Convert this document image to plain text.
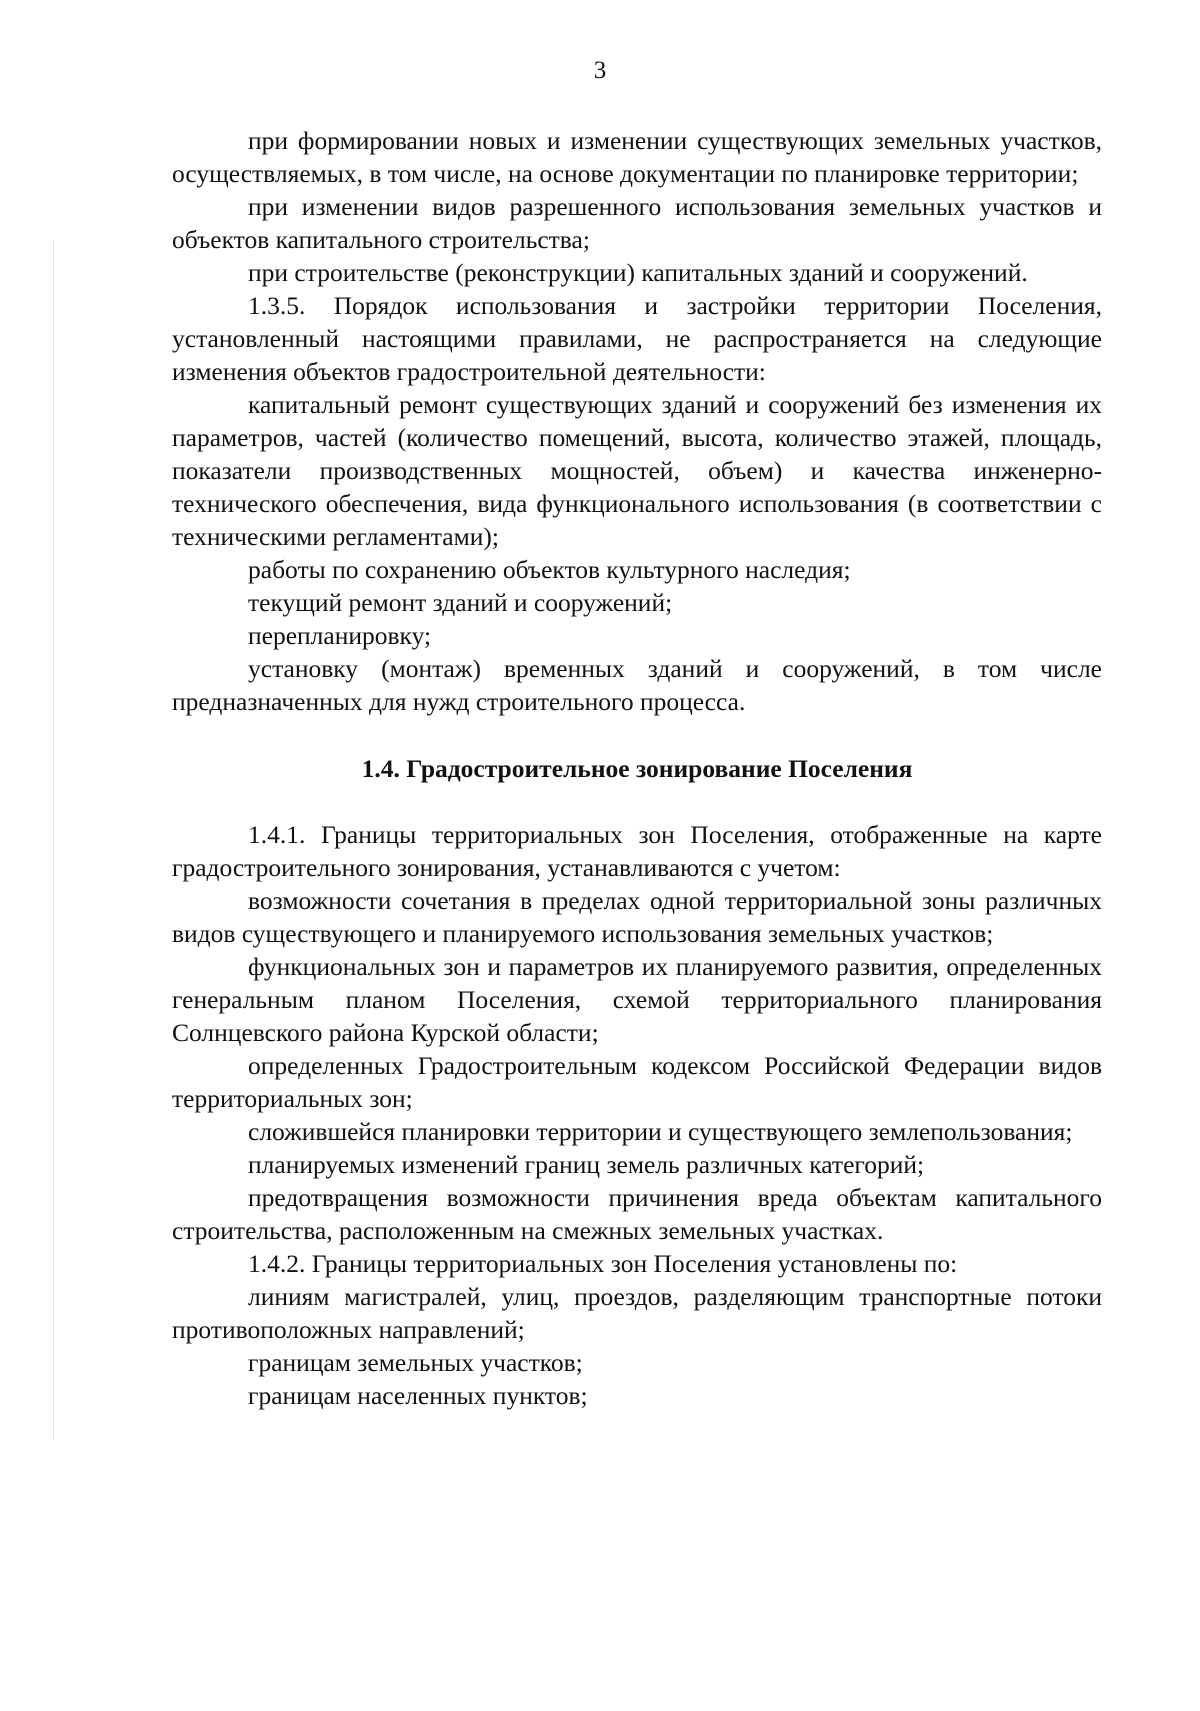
3

при формировании новых и изменении существующих земельных участков, осуществляемых, в том числе, на основе документации по планировке территории;

при изменении видов разрешенного использования земельных участков и объектов капитального строительства;

при строительстве (реконструкции) капитальных зданий и сооружений.

1.3.5. Порядок использования и застройки территории Поселения, установленный настоящими правилами, не распространяется на следующие изменения объектов градостроительной деятельности:

капитальный ремонт существующих зданий и сооружений без изменения их параметров, частей (количество помещений, высота, количество этажей, площадь, показатели производственных мощностей, объем) и качества инженерно-технического обеспечения, вида функционального использования (в соответствии с техническими регламентами);

работы по сохранению объектов культурного наследия;

текущий ремонт зданий и сооружений;

перепланировку;

установку (монтаж) временных зданий и сооружений, в том числе предназначенных для нужд строительного процесса.

1.4. Градостроительное зонирование Поселения

1.4.1. Границы территориальных зон Поселения, отображенные на карте градостроительного зонирования, устанавливаются с учетом:

возможности сочетания в пределах одной территориальной зоны различных видов существующего и планируемого использования земельных участков;

функциональных зон и параметров их планируемого развития, определенных генеральным планом Поселения, схемой территориального планирования Солнцевского района Курской области;

определенных Градостроительным кодексом Российской Федерации видов территориальных зон;

сложившейся планировки территории и существующего землепользования;

планируемых изменений границ земель различных категорий;

предотвращения возможности причинения вреда объектам капитального строительства, расположенным на смежных земельных участках.

1.4.2. Границы территориальных зон Поселения установлены по:

линиям магистралей, улиц, проездов, разделяющим транспортные потоки противоположных направлений;

границам земельных участков;

границам населенных пунктов;
